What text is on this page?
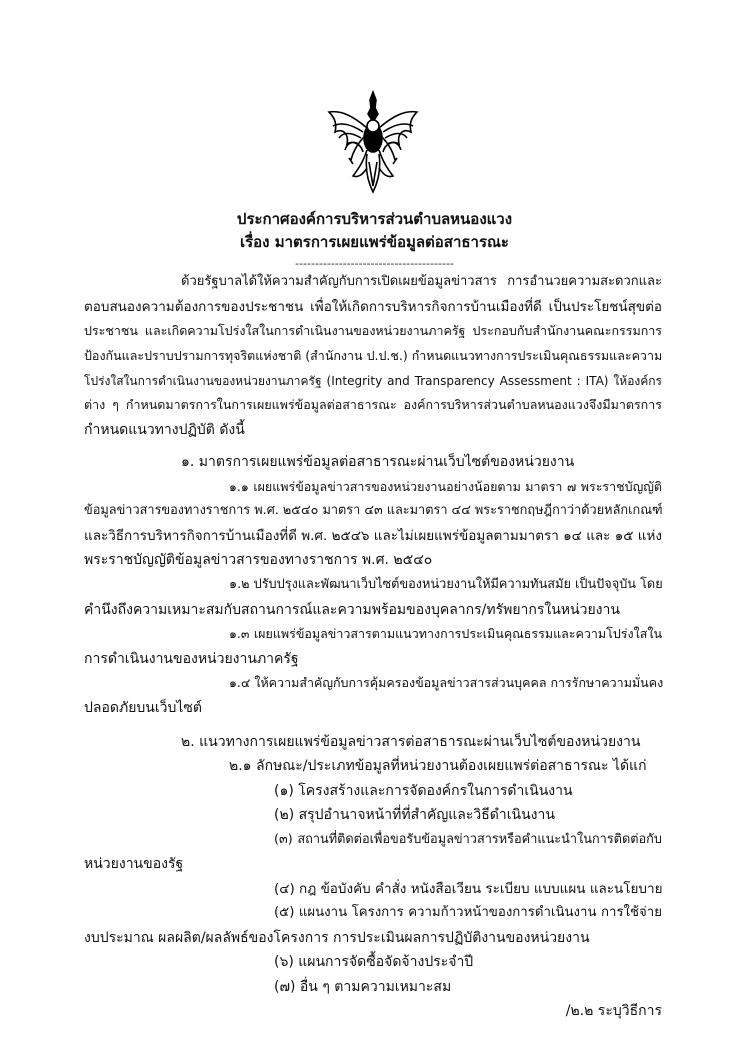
ประกาศองค์การบริหารส่วนตำบลหนองแวง
เรื่อง มาตรการเผยแพร่ข้อมูลต่อสาธารณะ
----------------------------------------
ด้วยรัฐบาลได้ให้ความสำคัญกับการเปิดเผยข้อมูลข่าวสาร การอำนวยความสะดวกและ
ตอบสนองความต้องการของประชาชน เพื่อให้เกิดการบริหารกิจการบ้านเมืองที่ดี เป็นประโยชน์สุขต่อ
ประชาชน และเกิดความโปร่งใสในการดำเนินงานของหน่วยงานภาครัฐ ประกอบกับสำนักงานคณะกรรมการ
ป้องกันและปราบปรามการทุจริตแห่งชาติ (สำนักงาน ป.ป.ช.) กำหนดแนวทางการประเมินคุณธรรมและความ
โปร่งใสในการดำเนินงานของหน่วยงานภาครัฐ (Integrity and Transparency Assessment : ITA) ให้องค์กร
ต่าง ๆ กำหนดมาตรการในการเผยแพร่ข้อมูลต่อสาธารณะ องค์การบริหารส่วนตำบลหนองแวงจึงมีมาตรการ
กำหนดแนวทางปฏิบัติ ดังนี้
๑. มาตรการเผยแพร่ข้อมูลต่อสาธารณะผ่านเว็บไซต์ของหน่วยงาน
๑.๑ เผยแพร่ข้อมูลข่าวสารของหน่วยงานอย่างน้อยตาม มาตรา ๗ พระราชบัญญัติ
ข้อมูลข่าวสารของทางราชการ พ.ศ. ๒๕๔๐ มาตรา ๔๓ และมาตรา ๔๔ พระราชกฤษฎีกาว่าด้วยหลักเกณฑ์
และวิธีการบริหารกิจการบ้านเมืองที่ดี พ.ศ. ๒๕๔๖ และไม่เผยแพร่ข้อมูลตามมาตรา ๑๔ และ ๑๕ แห่ง
พระราชบัญญัติข้อมูลข่าวสารของทางราชการ พ.ศ. ๒๕๔๐
๑.๒ ปรับปรุงและพัฒนาเว็บไซต์ของหน่วยงานให้มีความทันสมัย เป็นปัจจุบัน โดย
คำนึงถึงความเหมาะสมกับสถานการณ์และความพร้อมของบุคลากร/ทรัพยากรในหน่วยงาน
๑.๓ เผยแพร่ข้อมูลข่าวสารตามแนวทางการประเมินคุณธรรมและความโปร่งใสใน
การดำเนินงานของหน่วยงานภาครัฐ
๑.๔ ให้ความสำคัญกับการคุ้มครองข้อมูลข่าวสารส่วนบุคคล การรักษาความมั่นคง
ปลอดภัยบนเว็บไซต์
๒. แนวทางการเผยแพร่ข้อมูลข่าวสารต่อสาธารณะผ่านเว็บไซต์ของหน่วยงาน
๒.๑ ลักษณะ/ประเภทข้อมูลที่หน่วยงานต้องเผยแพร่ต่อสาธารณะ ได้แก่
(๑) โครงสร้างและการจัดองค์กรในการดำเนินงาน
(๒) สรุปอำนาจหน้าที่ที่สำคัญและวิธีดำเนินงาน
(๓) สถานที่ติดต่อเพื่อขอรับข้อมูลข่าวสารหรือคำแนะนำในการติดต่อกับ
หน่วยงานของรัฐ
(๔) กฎ ข้อบังคับ คำสั่ง หนังสือเวียน ระเบียบ แบบแผน และนโยบาย
(๕) แผนงาน โครงการ ความก้าวหน้าของการดำเนินงาน การใช้จ่าย
งบประมาณ ผลผลิต/ผลลัพธ์ของโครงการ การประเมินผลการปฏิบัติงานของหน่วยงาน
(๖) แผนการจัดซื้อจัดจ้างประจำปี
(๗) อื่น ๆ ตามความเหมาะสม
/๒.๒ ระบุวิธีการ
